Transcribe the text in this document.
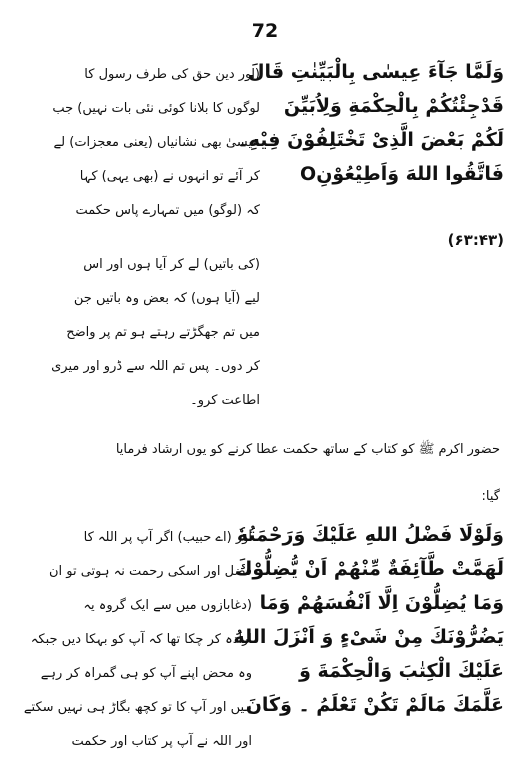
72
وَلَمَّا جَآءَ عِيسٰى بِالْبَيِّنٰتِ قَالَ
قَدْجِئْتُكُمْ بِالْحِكْمَةِ وَلِاُبَيِّنَ
لَكُمْ بَعْضَ الَّذِىْ تَخْتَلِفُوْنَ فِيْهِ۔
فَاتَّقُوا اللهَ وَاَطِيْعُوْنِO
(۶۳:۴۳)
(اور دین حق کی طرف رسول کا
لوگوں کا بلانا کوئی نئی بات نہیں) جب
عیسیٰ بھی نشانیاں (یعنی معجزات) لے
کر آئے تو انہوں نے (بھی یہی) کہا
کہ (لوگو) میں تمہارے پاس حکمت
(کی باتیں) لے کر آیا ہوں اور اس
لیے (آیا ہوں) کہ بعض وہ باتیں جن
میں تم جھگڑتے رہتے ہو تم پر واضح
کر دوں۔ پس تم اللہ سے ڈرو اور میری
اطاعت کرو۔
حضور اکرم ﷺ کو کتاب کے ساتھ حکمت عطا کرنے کو یوں ارشاد فرمایا
گیا:
وَلَوْلَا فَضْلُ اللهِ عَلَيْكَ وَرَحْمَتُهٗ
لَهَمَّتْ طَّآئِفَةٌ مِّنْهُمْ اَنْ يُّضِلُّوْكَ
وَمَا يُضِلُّوْنَ اِلَّا اَنْفُسَهُمْ وَمَا
يَضُرُّوْنَكَ مِنْ شَىْءٍ وَ اَنْزَلَ اللهُ
عَلَيْكَ الْكِتٰبَ وَالْحِكْمَةَ وَ
عَلَّمَكَ مَالَمْ تَكُنْ تَعْلَمُ ۔ وَكَانَ
اور (اے حبیب) اگر آپ پر اللہ کا
فضل اور اسکی رحمت نہ ہوتی تو ان
(دغابازوں میں سے ایک گروہ یہ
ارادہ کر چکا تھا کہ آپ کو بہکا دیں جبکہ
وہ محض اپنے آپ کو ہی گمراہ کر رہے
ہیں اور آپ کا تو کچھ بگاڑ ہی نہیں سکتے
اور اللہ نے آپ پر کتاب اور حکمت
